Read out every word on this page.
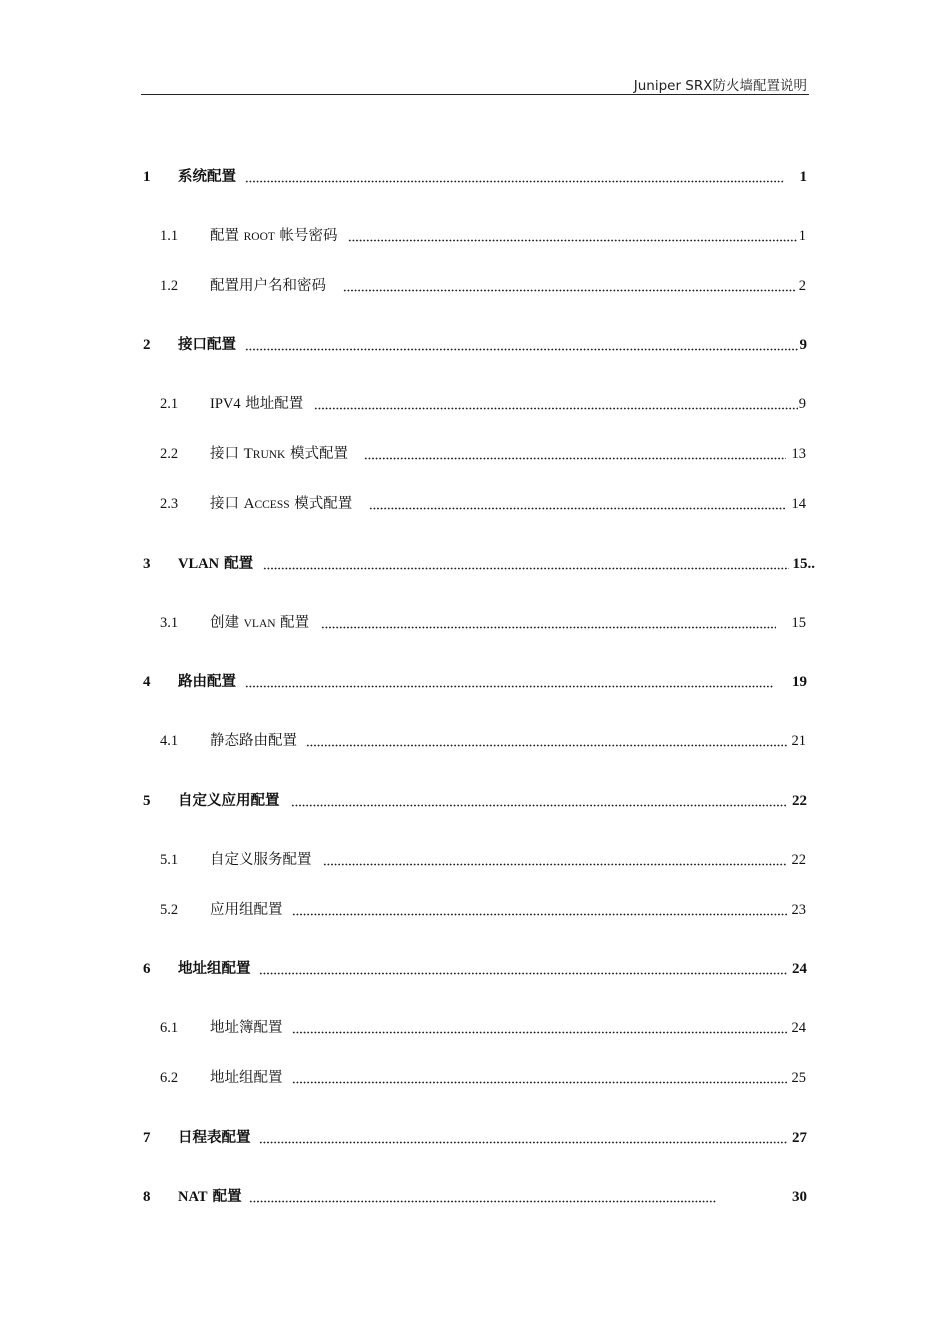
Juniper SRX防火墙配置说明
1 系统配置	1
1.1 配置 ROOT 帐号密码	1
1.2 配置用户名和密码	2
2 接口配置	9
2.1 IPV4 地址配置	9
2.2 接口 TRUNK 模式配置	13
2.3 接口 ACCESS 模式配置	14
3 VLAN 配置	15..
3.1 创建 VLAN 配置	15
4 路由配置	19
4.1 静态路由配置	21
5 自定义应用配置	22
5.1 自定义服务配置	22
5.2 应用组配置	23
6 地址组配置	24
6.1 地址簿配置	24
6.2 地址组配置	25
7 日程表配置	27
8 NAT 配置	30
